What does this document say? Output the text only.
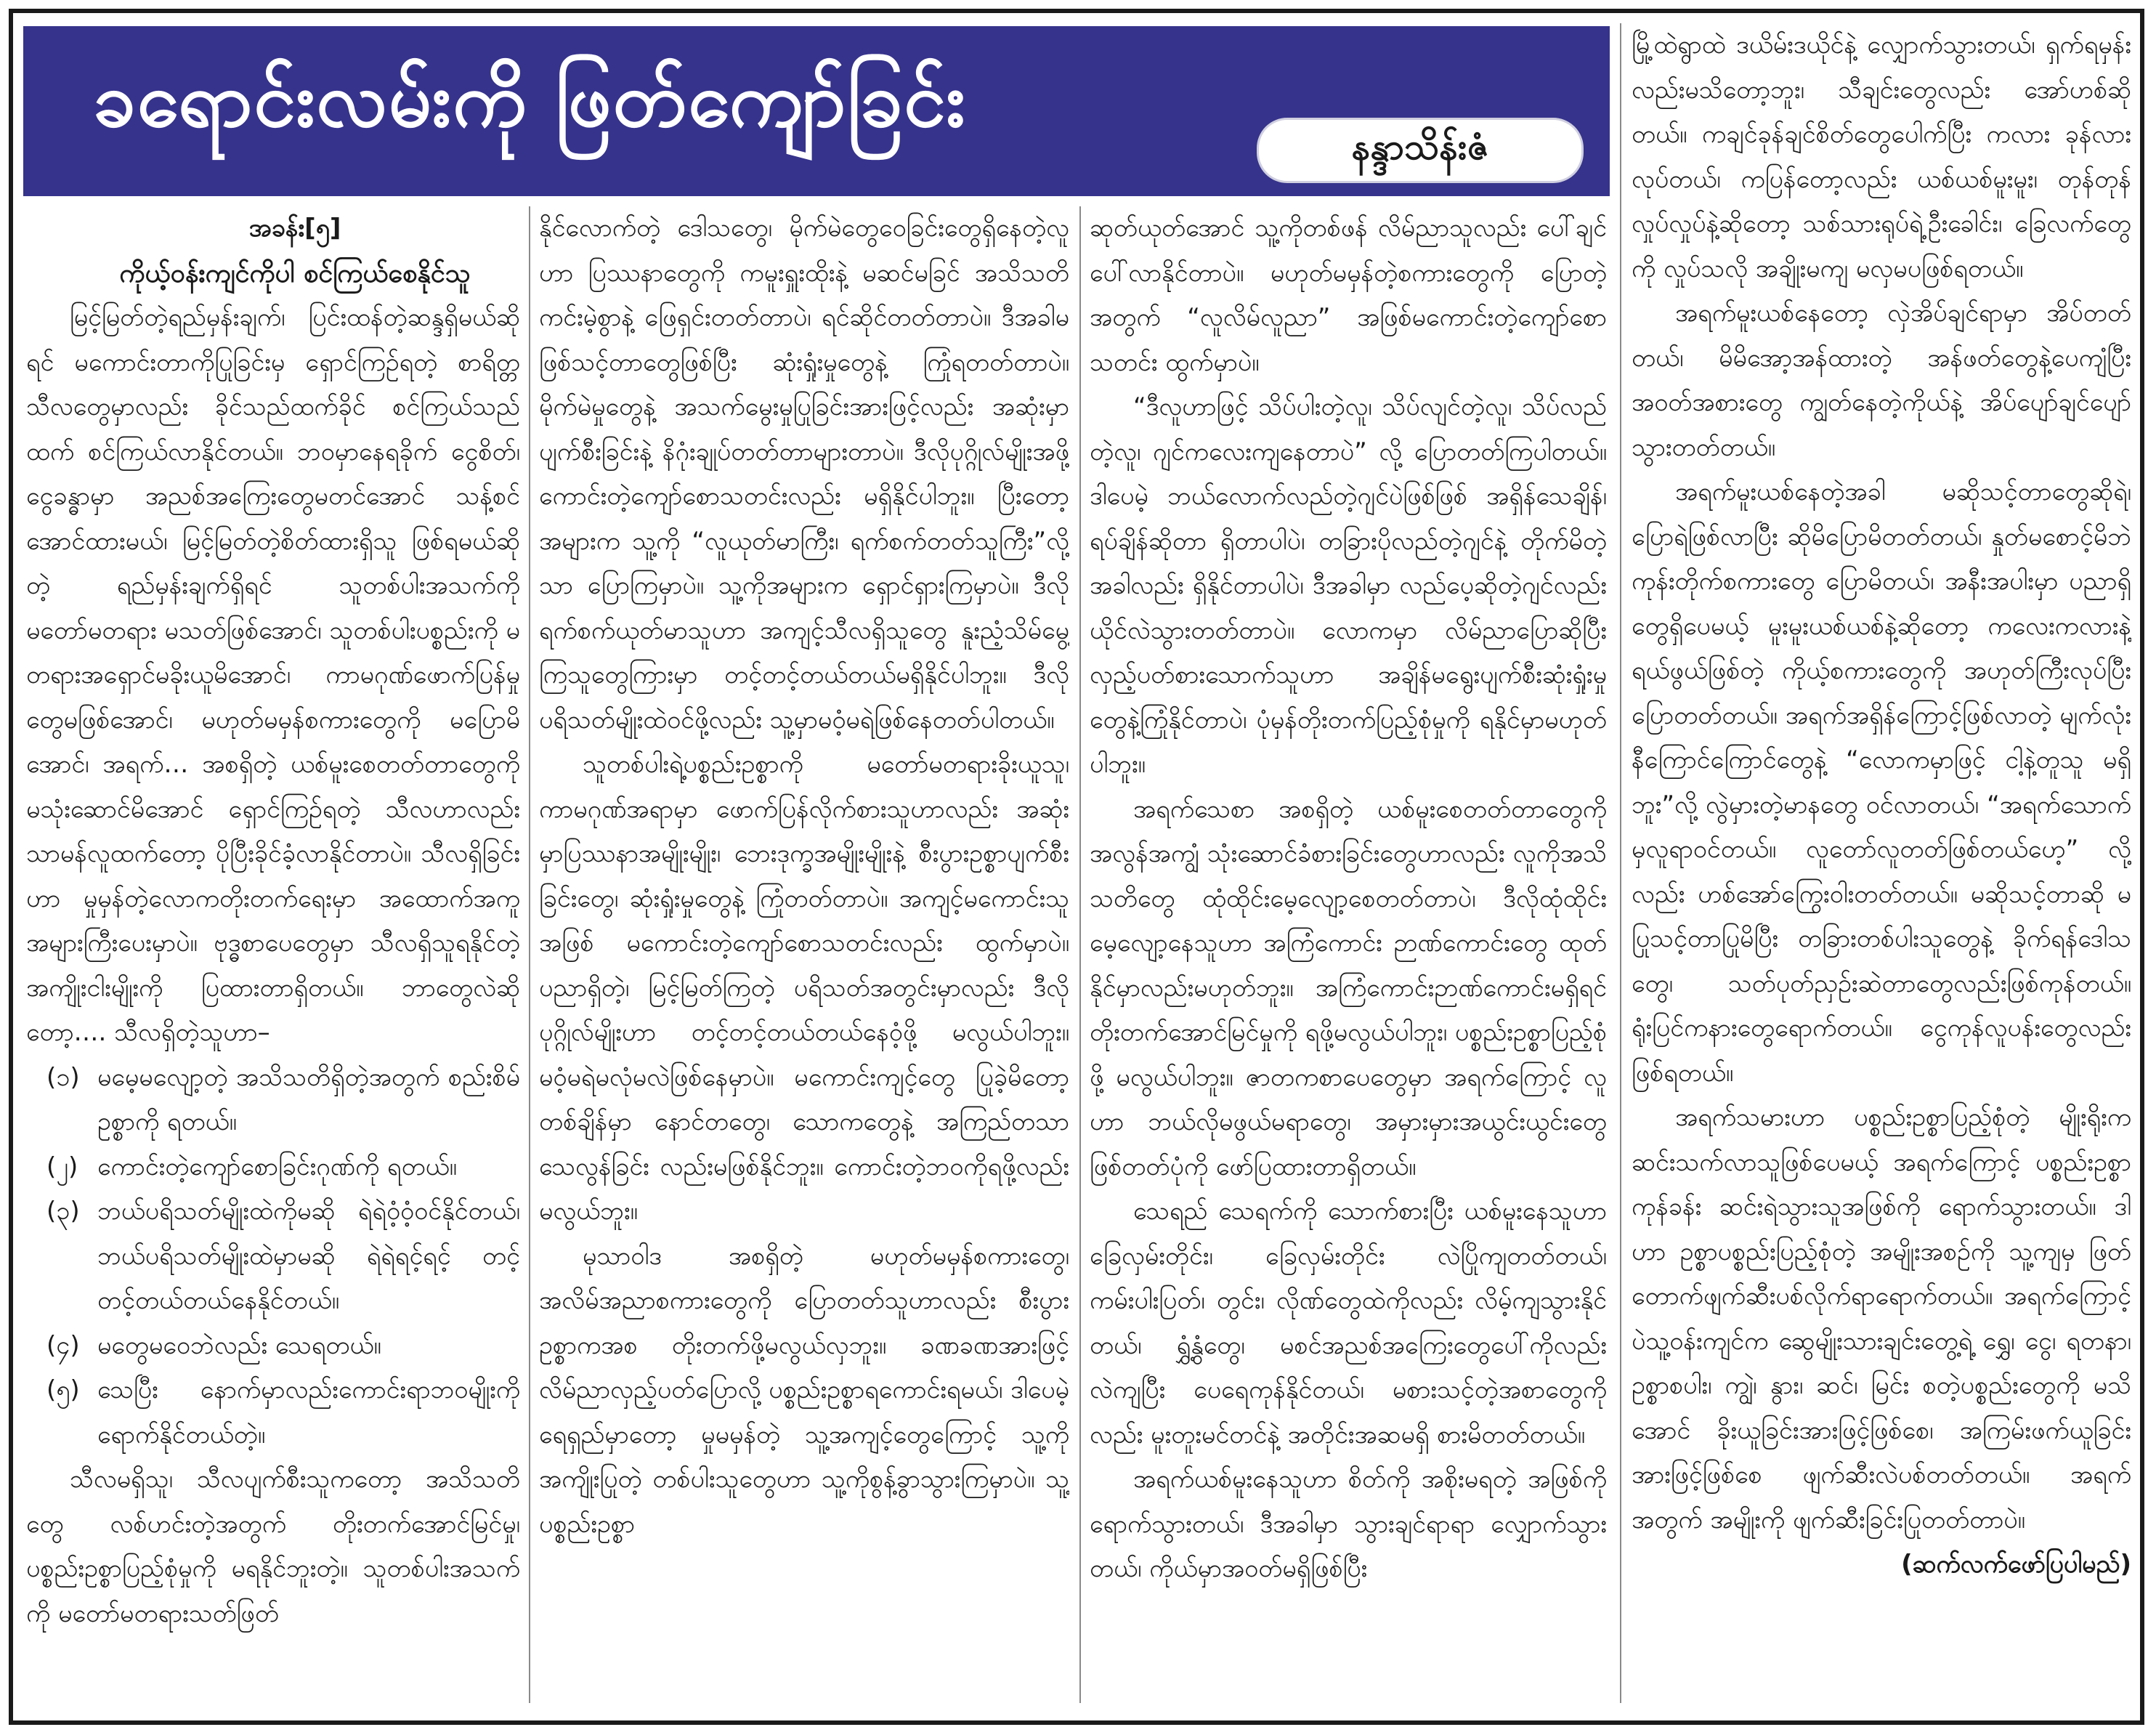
ခရောင်းလမ်းကို ဖြတ်ကျော်ခြင်း
နန္ဒာသိန်းဇံ

အခန်း[၅]

ကိုယ့်ဝန်းကျင်ကိုပါ စင်ကြယ်စေနိုင်သူ

မြင့်မြတ်တဲ့ရည်မှန်းချက်၊ ပြင်းထန်တဲ့ဆန္ဒရှိမယ်ဆိုရင် မကောင်းတာကိုပြုခြင်းမှ ရှောင်ကြဉ်ရတဲ့ စာရိတ္တသီလတွေမှာလည်း ခိုင်သည်ထက်ခိုင် စင်ကြယ်သည်ထက် စင်ကြယ်လာနိုင်တယ်။ ဘဝမှာနေရခိုက် ငွေစိတ်၊ ငွေခန္ဓာမှာ အညစ်အကြေးတွေမတင်အောင် သန့်စင်အောင်ထားမယ်၊ မြင့်မြတ်တဲ့စိတ်ထားရှိသူ ဖြစ်ရမယ်ဆိုတဲ့ ရည်မှန်းချက်ရှိရင် သူတစ်ပါးအသက်ကို မတော်မတရား မသတ်ဖြစ်အောင်၊ သူတစ်ပါးပစ္စည်းကို မတရားအရှောင်မခိုးယူမိအောင်၊ ကာမဂုဏ်ဖောက်ပြန်မှုတွေမဖြစ်အောင်၊ မဟုတ်မမှန်စကားတွေကို မပြောမိအောင်၊ အရက်… အစရှိတဲ့ ယစ်မူးစေတတ်တာတွေကို မသုံးဆောင်မိအောင် ရှောင်ကြဉ်ရတဲ့ သီလဟာလည်း သာမန်လူထက်တော့ ပိုပြီးခိုင်ခံ့လာနိုင်တာပဲ။ သီလရှိခြင်းဟာ မှုမှန်တဲ့လောကတိုးတက်ရေးမှာ အထောက်အကူ အများကြီးပေးမှာပဲ။ ဗုဒ္ဓစာပေတွေမှာ သီလရှိသူရနိုင်တဲ့အကျိုးငါးမျိုးကို ပြထားတာရှိတယ်။ ဘာတွေလဲဆိုတော့…. သီလရှိတဲ့သူဟာ–

(၁) မမေ့မလျော့တဲ့ အသိသတိရှိတဲ့အတွက် စည်းစိမ်ဥစ္စာကို ရတယ်။
(၂) ကောင်းတဲ့ကျော်စောခြင်းဂုဏ်ကို ရတယ်။
(၃) ဘယ်ပရိသတ်မျိုးထဲကိုမဆို ရဲရဲဝံ့ဝံ့ဝင်နိုင်တယ်၊ ဘယ်ပရိသတ်မျိုးထဲမှာမဆို ရဲရဲရင့်ရင့် တင့်တင့်တယ်တယ်နေနိုင်တယ်။
(၄) မတွေမဝေဘဲလည်း သေရတယ်။
(၅) သေပြီး နောက်မှာလည်းကောင်းရာဘဝမျိုးကိုရောက်နိုင်တယ်တဲ့။

သီလမရှိသူ၊ သီလပျက်စီးသူကတော့ အသိသတိတွေ လစ်ဟင်းတဲ့အတွက် တိုးတက်အောင်မြင်မှု၊ ပစ္စည်းဥစ္စာပြည့်စုံမှုကို မရနိုင်ဘူးတဲ့။ သူတစ်ပါးအသက်ကို မတော်မတရားသတ်ဖြတ်

နိုင်လောက်တဲ့ ဒေါသတွေ၊ မိုက်မဲတွေဝေခြင်းတွေရှိနေတဲ့လူဟာ ပြဿနာတွေကို ကမူးရှူးထိုးနဲ့ မဆင်မခြင် အသိသတိကင်းမဲ့စွာနဲ့ ဖြေရှင်းတတ်တာပဲ၊ ရင်ဆိုင်တတ်တာပဲ။ ဒီအခါမဖြစ်သင့်တာတွေဖြစ်ပြီး ဆုံးရှုံးမှုတွေနဲ့ ကြုံရတတ်တာပဲ။ မိုက်မဲမှုတွေနဲ့ အသက်မွေးမှုပြုခြင်းအားဖြင့်လည်း အဆုံးမှာ ပျက်စီးခြင်းနဲ့ နိဂုံးချုပ်တတ်တာများတာပဲ။ ဒီလိုပုဂ္ဂိုလ်မျိုးအဖို့ ကောင်းတဲ့ကျော်စောသတင်းလည်း မရှိနိုင်ပါဘူး။ ပြီးတော့အများက သူ့ကို “လူယုတ်မာကြီး၊ ရက်စက်တတ်သူကြီး”လို့သာ ပြောကြမှာပဲ။ သူ့ကိုအများက ရှောင်ရှားကြမှာပဲ။ ဒီလိုရက်စက်ယုတ်မာသူဟာ အကျင့်သီလရှိသူတွေ နူးညံ့သိမ်မွေ့ကြသူတွေကြားမှာ တင့်တင့်တယ်တယ်မရှိနိုင်ပါဘူး။ ဒီလိုပရိသတ်မျိုးထဲဝင်ဖို့လည်း သူ့မှာမဝံ့မရဲဖြစ်နေတတ်ပါတယ်။

သူတစ်ပါးရဲ့ပစ္စည်းဥစ္စာကို မတော်မတရားခိုးယူသူ၊ ကာမဂုဏ်အရာမှာ ဖောက်ပြန်လိုက်စားသူဟာလည်း အဆုံးမှာပြဿနာအမျိုးမျိုး၊ ဘေးဒုက္ခအမျိုးမျိုးနဲ့ စီးပွားဥစ္စာပျက်စီးခြင်းတွေ၊ ဆုံးရှုံးမှုတွေနဲ့ ကြုံတတ်တာပဲ။ အကျင့်မကောင်းသူအဖြစ် မကောင်းတဲ့ကျော်စောသတင်းလည်း ထွက်မှာပဲ။ ပညာရှိတဲ့၊ မြင့်မြတ်ကြတဲ့ ပရိသတ်အတွင်းမှာလည်း ဒီလိုပုဂ္ဂိုလ်မျိုးဟာ တင့်တင့်တယ်တယ်နေဝံ့ဖို့ မလွယ်ပါဘူး။ မဝံ့မရဲမလုံမလဲဖြစ်နေမှာပဲ။ မကောင်းကျင့်တွေ ပြုခဲ့မိတော့ တစ်ချိန်မှာ နောင်တတွေ၊ သောကတွေနဲ့ အကြည်တသာသေလွန်ခြင်း လည်းမဖြစ်နိုင်ဘူး။ ကောင်းတဲ့ဘဝကိုရဖို့လည်း မလွယ်ဘူး။

မုသာဝါဒ အစရှိတဲ့ မဟုတ်မမှန်စကားတွေ၊ အလိမ်အညာစကားတွေကို ပြောတတ်သူဟာလည်း စီးပွားဥစ္စာကအစ တိုးတက်ဖို့မလွယ်လှဘူး။ ခဏခဏအားဖြင့် လိမ်ညာလှည့်ပတ်ပြောလို့ ပစ္စည်းဥစ္စာရကောင်းရမယ်၊ ဒါပေမဲ့ ရေရှည်မှာတော့ မှုမမှန်တဲ့ သူ့အကျင့်တွေကြောင့် သူ့ကိုအကျိုးပြုတဲ့ တစ်ပါးသူတွေဟာ သူ့ကိုစွန့်ခွာသွားကြမှာပဲ။ သူ့ပစ္စည်းဥစ္စာ

ဆုတ်ယုတ်အောင် သူ့ကိုတစ်ဖန် လိမ်ညာသူလည်း ပေါ်ချင်ပေါ်လာနိုင်တာပဲ။ မဟုတ်မမှန်တဲ့စကားတွေကို ပြောတဲ့အတွက် “လူလိမ်လူညာ” အဖြစ်မကောင်းတဲ့ကျော်စောသတင်း ထွက်မှာပဲ။

“ဒီလူဟာဖြင့် သိပ်ပါးတဲ့လူ၊ သိပ်လျင်တဲ့လူ၊ သိပ်လည်တဲ့လူ၊ ဂျင်ကလေးကျနေတာပဲ” လို့ ပြောတတ်ကြပါတယ်။ ဒါပေမဲ့ ဘယ်လောက်လည်တဲ့ဂျင်ပဲဖြစ်ဖြစ် အရှိန်သေချိန်၊ ရပ်ချိန်ဆိုတာ ရှိတာပါပဲ၊ တခြားပိုလည်တဲ့ဂျင်နဲ့ တိုက်မိတဲ့အခါလည်း ရှိနိုင်တာပါပဲ၊ ဒီအခါမှာ လည်ပေ့ဆိုတဲ့ဂျင်လည်း ယိုင်လဲသွားတတ်တာပဲ။ လောကမှာ လိမ်ညာပြောဆိုပြီး လှည့်ပတ်စားသောက်သူဟာ အချိန်မရွေးပျက်စီးဆုံးရှုံးမှုတွေနဲ့ကြုံနိုင်တာပဲ၊ ပုံမှန်တိုးတက်ပြည့်စုံမှုကို ရနိုင်မှာမဟုတ်ပါဘူး။

အရက်သေစာ အစရှိတဲ့ ယစ်မူးစေတတ်တာတွေကို အလွန်အကျွံ သုံးဆောင်ခံစားခြင်းတွေဟာလည်း လူကိုအသိသတိတွေ ထုံထိုင်းမေ့လျော့စေတတ်တာပဲ၊ ဒီလိုထုံထိုင်းမေ့လျော့နေသူဟာ အကြံကောင်း ဉာဏ်ကောင်းတွေ ထုတ်နိုင်မှာလည်းမဟုတ်ဘူး။ အကြံကောင်းဉာဏ်ကောင်းမရှိရင် တိုးတက်အောင်မြင်မှုကို ရဖို့မလွယ်ပါဘူး၊ ပစ္စည်းဥစ္စာပြည့်စုံဖို့ မလွယ်ပါဘူး။ ဇာတကစာပေတွေမှာ အရက်ကြောင့် လူဟာ ဘယ်လိုမဖွယ်မရာတွေ၊ အမှားမှားအယွင်းယွင်းတွေ ဖြစ်တတ်ပုံကို ဖော်ပြထားတာရှိတယ်။

သေရည် သေရက်ကို သောက်စားပြီး ယစ်မူးနေသူဟာ ခြေလှမ်းတိုင်း၊ ခြေလှမ်းတိုင်း လဲပြိုကျတတ်တယ်၊ ကမ်းပါးပြတ်၊ တွင်း၊ လိုဏ်တွေထဲကိုလည်း လိမ့်ကျသွားနိုင်တယ်၊ ရွှံ့နွံတွေ၊ မစင်အညစ်အကြေးတွေပေါ်ကိုလည်း လဲကျပြီး ပေရေကုန်နိုင်တယ်၊ မစားသင့်တဲ့အစာတွေကိုလည်း မူးတူးမင်တင်နဲ့ အတိုင်းအဆမရှိ စားမိတတ်တယ်။

အရက်ယစ်မူးနေသူဟာ စိတ်ကို အစိုးမရတဲ့ အဖြစ်ကိုရောက်သွားတယ်၊ ဒီအခါမှာ သွားချင်ရာရာ လျှောက်သွားတယ်၊ ကိုယ်မှာအဝတ်မရှိဖြစ်ပြီး

မြို့ထဲရွာထဲ ဒယိမ်းဒယိုင်နဲ့ လျှောက်သွားတယ်၊ ရှက်ရမှန်းလည်းမသိတော့ဘူး၊ သီချင်းတွေလည်း အော်ဟစ်ဆိုတယ်။ ကချင်ခုန်ချင်စိတ်တွေပေါက်ပြီး ကလား ခုန်လား လုပ်တယ်၊ ကပြန်တော့လည်း ယစ်ယစ်မူးမူး၊ တုန်တုန်လှုပ်လှုပ်နဲ့ဆိုတော့ သစ်သားရုပ်ရဲ့ဦးခေါင်း၊ ခြေလက်တွေကို လှုပ်သလို အချိုးမကျ မလှမပဖြစ်ရတယ်။

အရက်မူးယစ်နေတော့ လှဲအိပ်ချင်ရာမှာ အိပ်တတ်တယ်၊ မိမိအော့အန်ထားတဲ့ အန်ဖတ်တွေနဲ့ပေကျံပြီး အဝတ်အစားတွေ ကျွတ်နေတဲ့ကိုယ်နဲ့ အိပ်ပျော်ချင်ပျော်သွားတတ်တယ်။

အရက်မူးယစ်နေတဲ့အခါ မဆိုသင့်တာတွေဆိုရဲ၊ ပြောရဲဖြစ်လာပြီး ဆိုမိပြောမိတတ်တယ်၊ နှုတ်မစောင့်မိဘဲ ကုန်းတိုက်စကားတွေ ပြောမိတယ်၊ အနီးအပါးမှာ ပညာရှိတွေရှိပေမယ့် မူးမူးယစ်ယစ်နဲ့ဆိုတော့ ကလေးကလားနဲ့ ရယ်ဖွယ်ဖြစ်တဲ့ ကိုယ့်စကားတွေကို အဟုတ်ကြီးလုပ်ပြီး ပြောတတ်တယ်။ အရက်အရှိန်ကြောင့်ဖြစ်လာတဲ့ မျက်လုံးနီကြောင်ကြောင်တွေနဲ့ “လောကမှာဖြင့် ငါ့နဲ့တူသူ မရှိဘူး”လို့ လွဲမှားတဲ့မာနတွေ ဝင်လာတယ်၊ “အရက်သောက်မှလူရာဝင်တယ်။ လူတော်လူတတ်ဖြစ်တယ်ဟေ့” လို့လည်း ဟစ်အော်ကြွေးဝါးတတ်တယ်။ မဆိုသင့်တာဆို မပြုသင့်တာပြုမိပြီး တခြားတစ်ပါးသူတွေနဲ့ ခိုက်ရန်ဒေါသတွေ၊ သတ်ပုတ်ညှဉ်းဆဲတာတွေလည်းဖြစ်ကုန်တယ်။ ရုံးပြင်ကနားတွေရောက်တယ်။ ငွေကုန်လူပန်းတွေလည်းဖြစ်ရတယ်။

အရက်သမားဟာ ပစ္စည်းဥစ္စာပြည့်စုံတဲ့ မျိုးရိုးက ဆင်းသက်လာသူဖြစ်ပေမယ့် အရက်ကြောင့် ပစ္စည်းဥစ္စာကုန်ခန်း ဆင်းရဲသွားသူအဖြစ်ကို ရောက်သွားတယ်။ ဒါဟာ ဥစ္စာပစ္စည်းပြည့်စုံတဲ့ အမျိုးအစဉ်ကို သူ့ကျမှ ဖြတ်တောက်ဖျက်ဆီးပစ်လိုက်ရာရောက်တယ်။ အရက်ကြောင့်ပဲသူ့ဝန်းကျင်က ဆွေမျိုးသားချင်းတွေ့ရဲ့ ရွှေ၊ ငွေ၊ ရတနာ၊ ဥစ္စာစပါး၊ ကျွဲ၊ နွား၊ ဆင်၊ မြင်း စတဲ့ပစ္စည်းတွေကို မသိအောင် ခိုးယူခြင်းအားဖြင့်ဖြစ်စေ၊ အကြမ်းဖက်ယူခြင်းအားဖြင့်ဖြစ်စေ ဖျက်ဆီးလဲပစ်တတ်တယ်။ အရက်အတွက် အမျိုးကို ဖျက်ဆီးခြင်းပြုတတ်တာပဲ။

(ဆက်လက်ဖော်ပြပါမည်)
